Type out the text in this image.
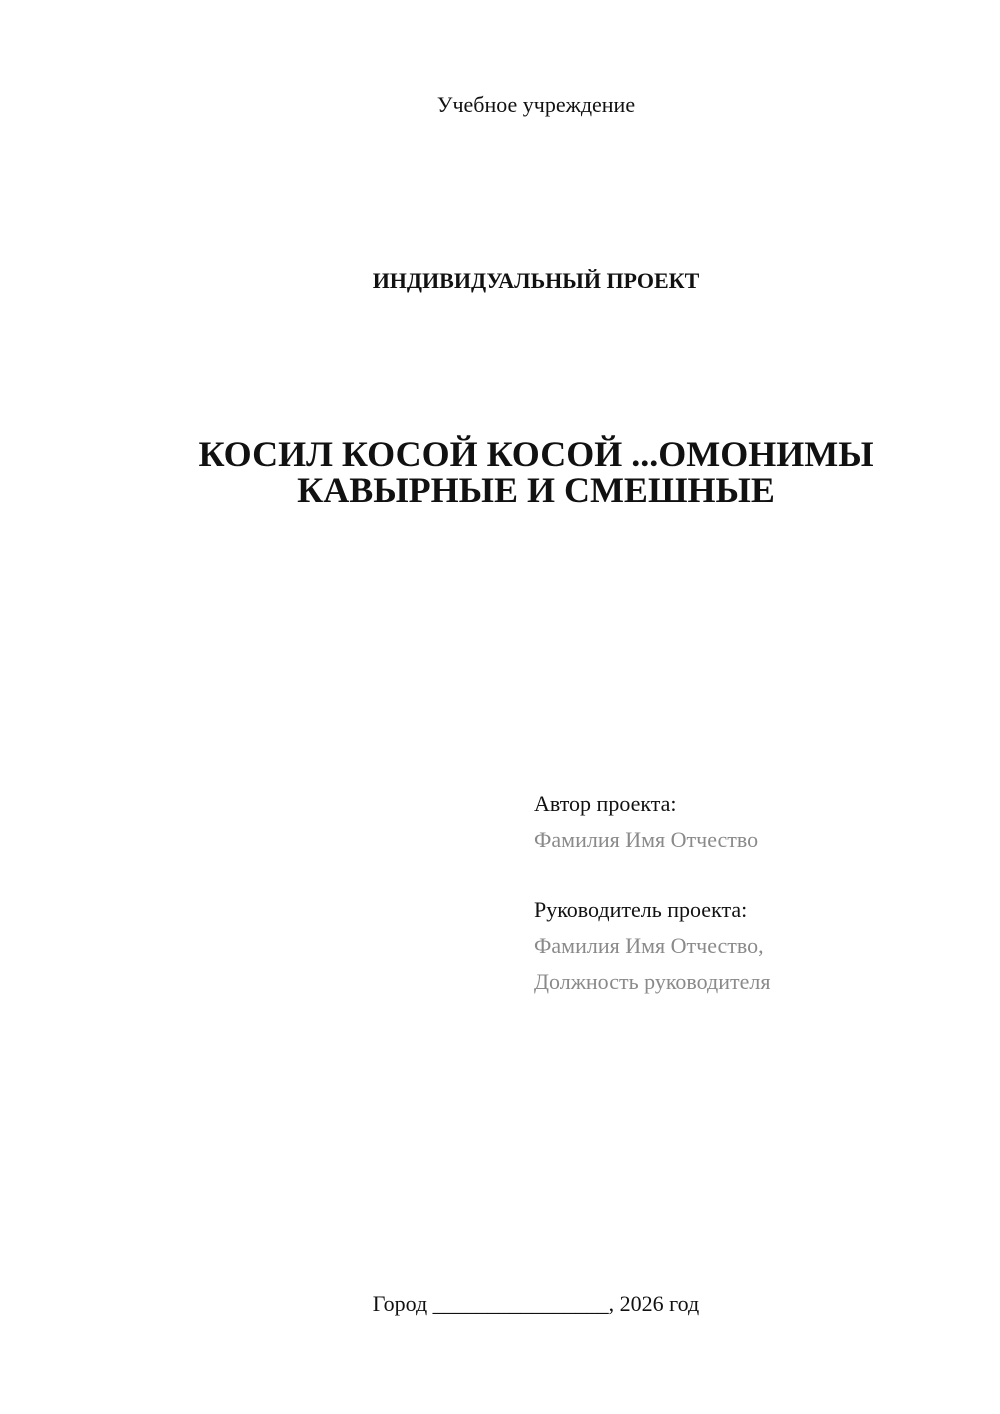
Учебное учреждение
ИНДИВИДУАЛЬНЫЙ ПРОЕКТ
КОСИЛ КОСОЙ КОСОЙ ...ОМОНИМЫ
КАВЫРНЫЕ И СМЕШНЫЕ
Автор проекта:
Фамилия Имя Отчество
Руководитель проекта:
Фамилия Имя Отчество,
Должность руководителя
Город ________________, 2026 год
